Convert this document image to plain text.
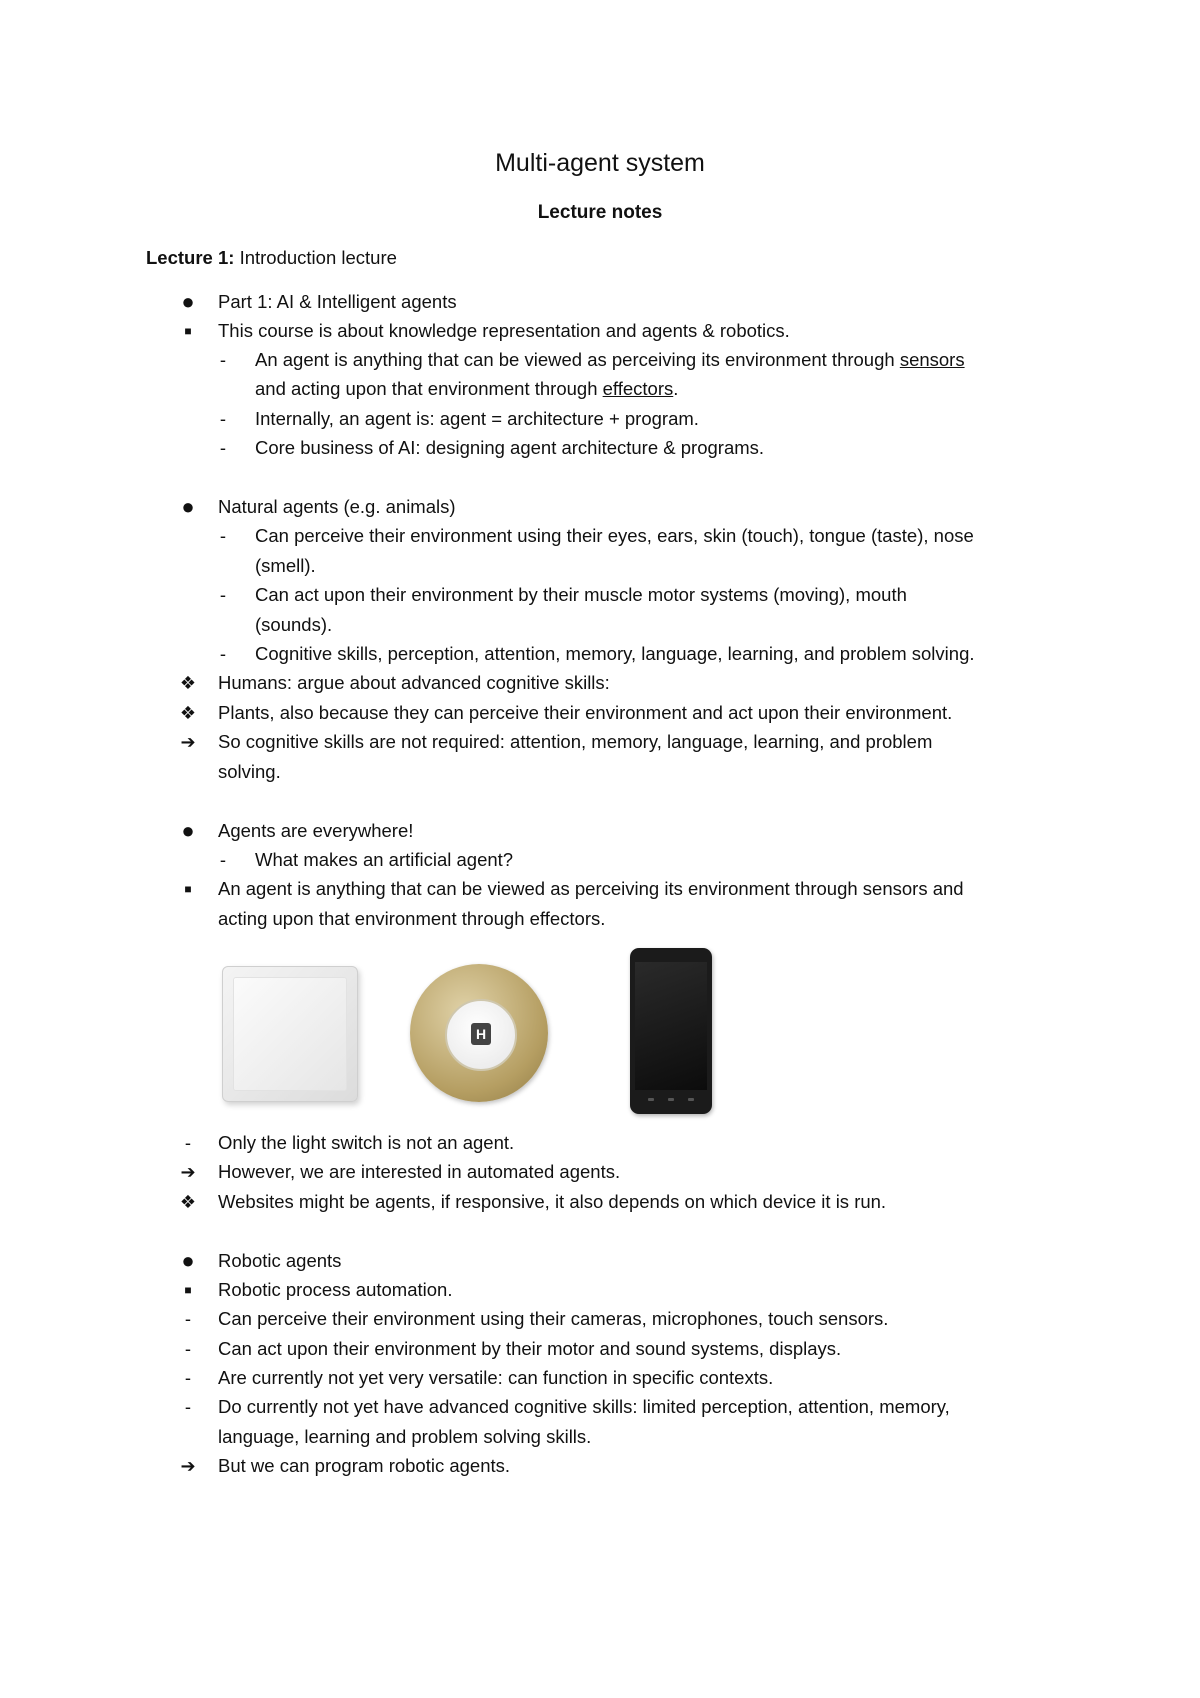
Multi-agent system
Lecture notes
Lecture 1: Introduction lecture
● Part 1: AI & Intelligent agents
■	This course is about knowledge representation and agents & robotics.
-	An agent is anything that can be viewed as perceiving its environment through sensors
and acting upon that environment through effectors.
-	Internally, an agent is: agent = architecture + program.
-	Core business of AI: designing agent architecture & programs.
● Natural agents (e.g. animals)
-	Can perceive their environment using their eyes, ears, skin (touch), tongue (taste), nose
(smell).
-	Can act upon their environment by their muscle motor systems (moving), mouth
(sounds).
-	Cognitive skills, perception, attention, memory, language, learning, and problem solving.
❖ Humans: argue about advanced cognitive skills:
❖ Plants, also because they can perceive their environment and act upon their environment.
➔ So cognitive skills are not required: attention, memory, language, learning, and problem
solving.
● Agents are everywhere!
-	What makes an artificial agent?
■	An agent is anything that can be viewed as perceiving its environment through sensors and
acting upon that environment through effectors.
H
-	Only the light switch is not an agent.
➔ However, we are interested in automated agents.
❖ Websites might be agents, if responsive, it also depends on which device it is run.
● Robotic agents
■	Robotic process automation.
-	Can perceive their environment using their cameras, microphones, touch sensors.
-	Can act upon their environment by their motor and sound systems, displays.
-	Are currently not yet very versatile: can function in specific contexts.
-	Do currently not yet have advanced cognitive skills: limited perception, attention, memory,
language, learning and problem solving skills.
➔ But we can program robotic agents.
